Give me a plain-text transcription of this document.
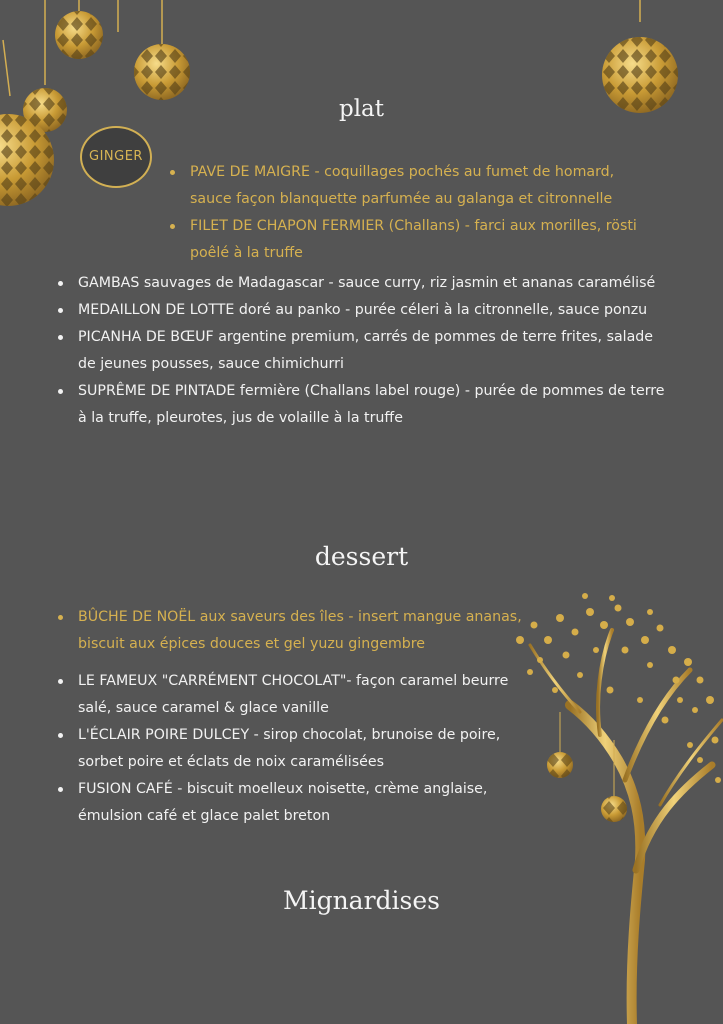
GINGER
plat
PAVE DE MAIGRE - coquillages pochés au fumet de homard, sauce façon blanquette parfumée au galanga et citronnelle
FILET DE CHAPON FERMIER (Challans) - farci aux morilles, rösti poêlé à la truffe
GAMBAS sauvages de Madagascar - sauce curry, riz jasmin et ananas caramélisé
MEDAILLON DE LOTTE doré au panko - purée céleri à la citronnelle, sauce ponzu
PICANHA DE BŒUF argentine premium, carrés de pommes de terre frites, salade de jeunes pousses, sauce chimichurri
SUPRÊME DE PINTADE fermière (Challans label rouge) - purée de pommes de terre à la truffe, pleurotes, jus de volaille à la truffe
dessert
BÛCHE DE NOËL aux saveurs des îles - insert mangue ananas, biscuit aux épices douces et gel yuzu gingembre
LE FAMEUX "CARRÉMENT CHOCOLAT"- façon caramel beurre salé, sauce caramel & glace vanille
L'ÉCLAIR POIRE DULCEY - sirop chocolat, brunoise de poire, sorbet poire et éclats de noix caramélisées
FUSION CAFÉ - biscuit moelleux noisette, crème anglaise, émulsion café et glace palet breton
Mignardises
